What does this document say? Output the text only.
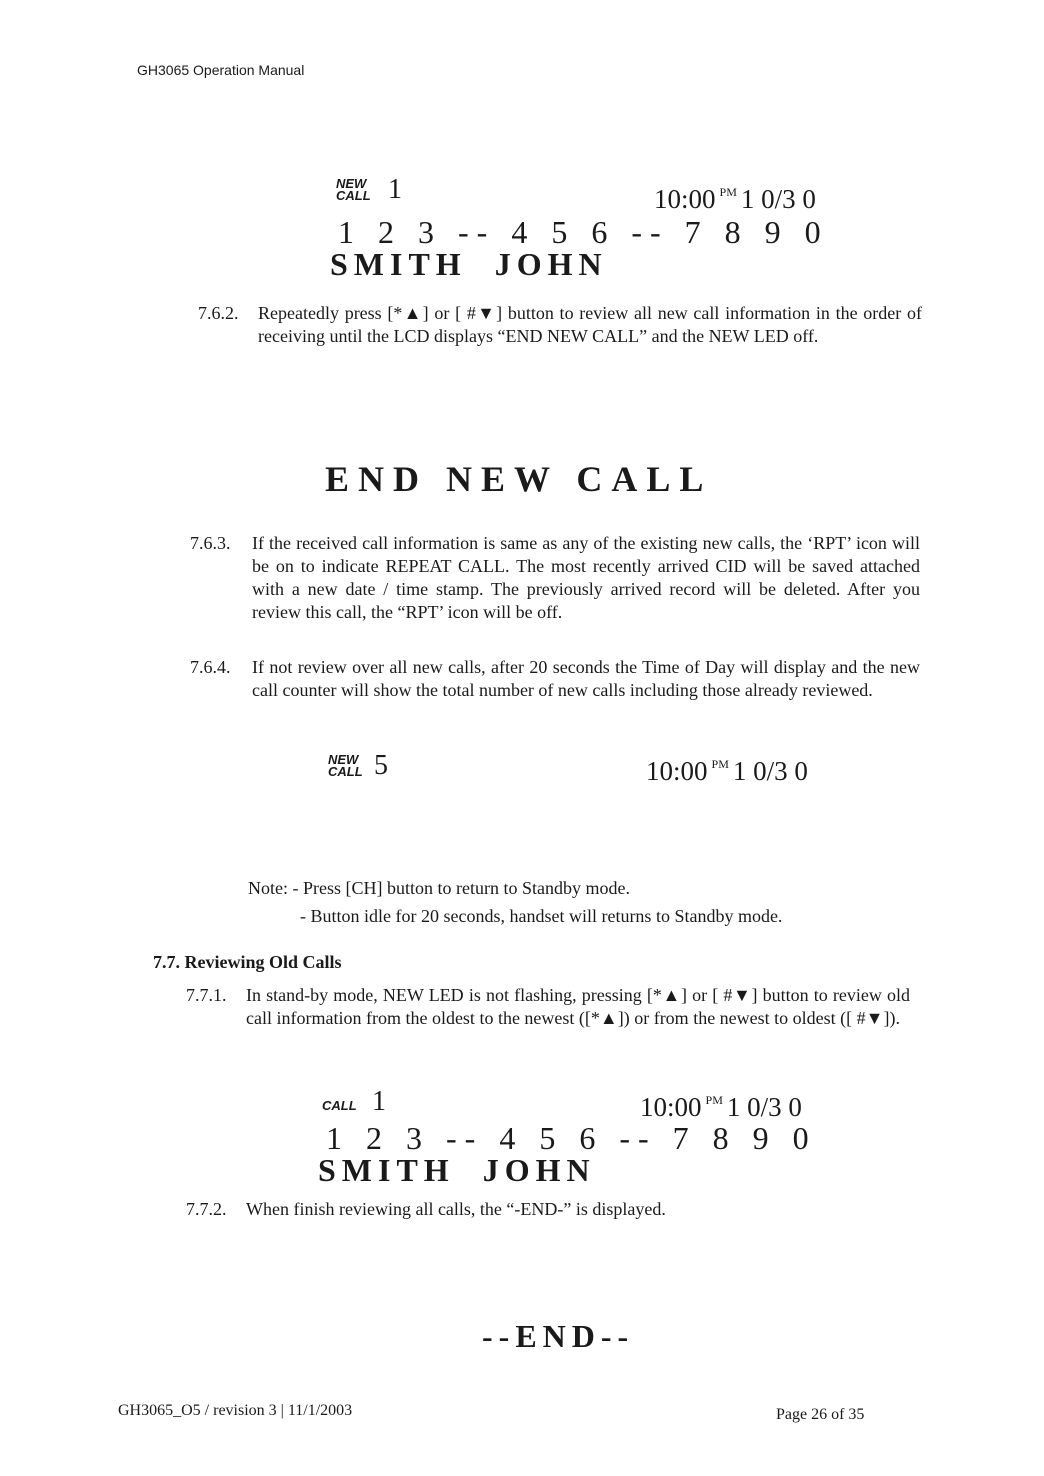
GH3065 Operation Manual
NEW
CALL 1	10:00 $^{PM}$ 1 0/3 0
1 2 3 -- 4 5 6 -- 7 8 9 0
SMITH  JOHN
7.6.2. Repeatedly press [*▲] or [ #▼] button to review all new call information in the order of receiving until the LCD displays “END NEW CALL” and the NEW LED off.
END NEW CALL
7.6.3. If the received call information is same as any of the existing new calls, the ‘RPT’ icon will be on to indicate REPEAT CALL. The most recently arrived CID will be saved attached with a new date / time stamp. The previously arrived record will be deleted. After you review this call, the “RPT’ icon will be off.
7.6.4. If not review over all new calls, after 20 seconds the Time of Day will display and the new call counter will show the total number of new calls including those already reviewed.
NEW
CALL 5	10:00 $^{PM}$ 1 0/3 0
Note: - Press [CH] button to return to Standby mode.
- Button idle for 20 seconds, handset will returns to Standby mode.
7.7. Reviewing Old Calls
7.7.1. In stand-by mode, NEW LED is not flashing, pressing [*▲] or [ #▼] button to review old call information from the oldest to the newest ([*▲]) or from the newest to oldest ([ #▼]).
CALL 1	10:00 $^{PM}$ 1 0/3 0
1 2 3 -- 4 5 6 -- 7 8 9 0
SMITH  JOHN
7.7.2. When finish reviewing all calls, the “-END-” is displayed.
--END--
GH3065_O5 / revision 3 | 11/1/2003	Page 26 of 35
